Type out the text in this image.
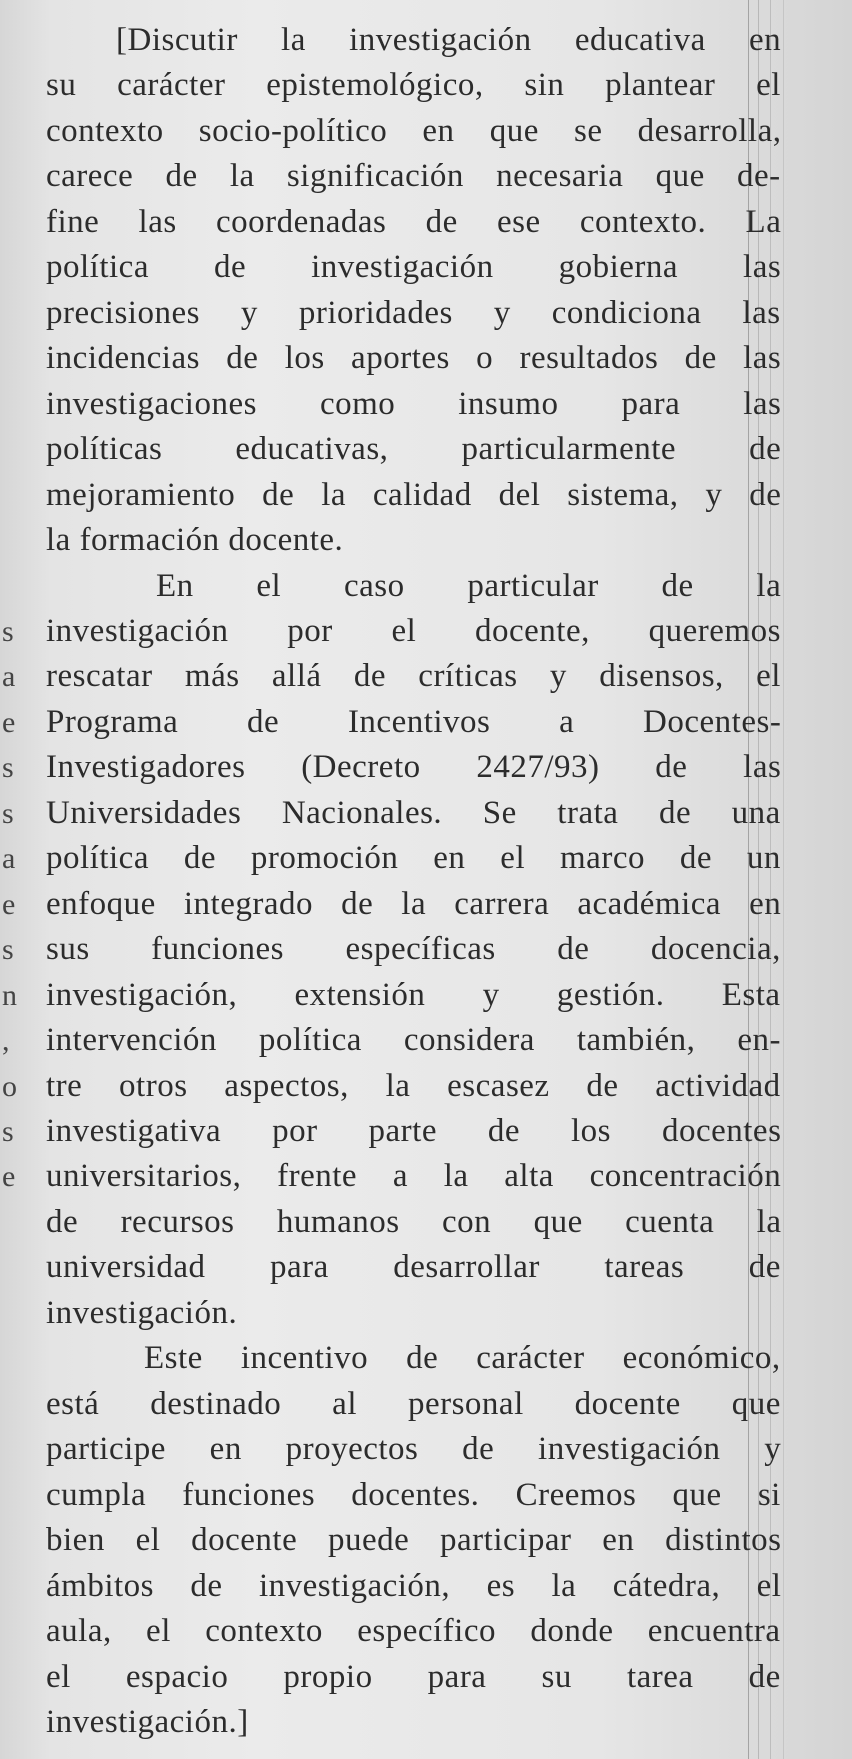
s
a
e
s
s
a
e
s
n
,
o
s
e
[Discutir la investigación educativa en
su carácter epistemológico, sin plantear el
contexto socio-político en que se desarrolla,
carece de la significación necesaria que de-
fine las coordenadas de ese contexto. La
política de investigación gobierna las
precisiones y prioridades y condiciona las
incidencias de los aportes o resultados de las
investigaciones como insumo para las
políticas educativas, particularmente de
mejoramiento de la calidad del sistema, y de
la formación docente.
En el caso particular de la
investigación por el docente, queremos
rescatar más allá de críticas y disensos, el
Programa de Incentivos a Docentes-
Investigadores (Decreto 2427/93) de las
Universidades Nacionales. Se trata de una
política de promoción en el marco de un
enfoque integrado de la carrera académica en
sus funciones específicas de docencia,
investigación, extensión y gestión. Esta
intervención política considera también, en-
tre otros aspectos, la escasez de actividad
investigativa por parte de los docentes
universitarios, frente a la alta concentración
de recursos humanos con que cuenta la
universidad para desarrollar tareas de
investigación.
Este incentivo de carácter económico,
está destinado al personal docente que
participe en proyectos de investigación y
cumpla funciones docentes. Creemos que si
bien el docente puede participar en distintos
ámbitos de investigación, es la cátedra, el
aula, el contexto específico donde encuentra
el espacio propio para su tarea de
investigación.]
